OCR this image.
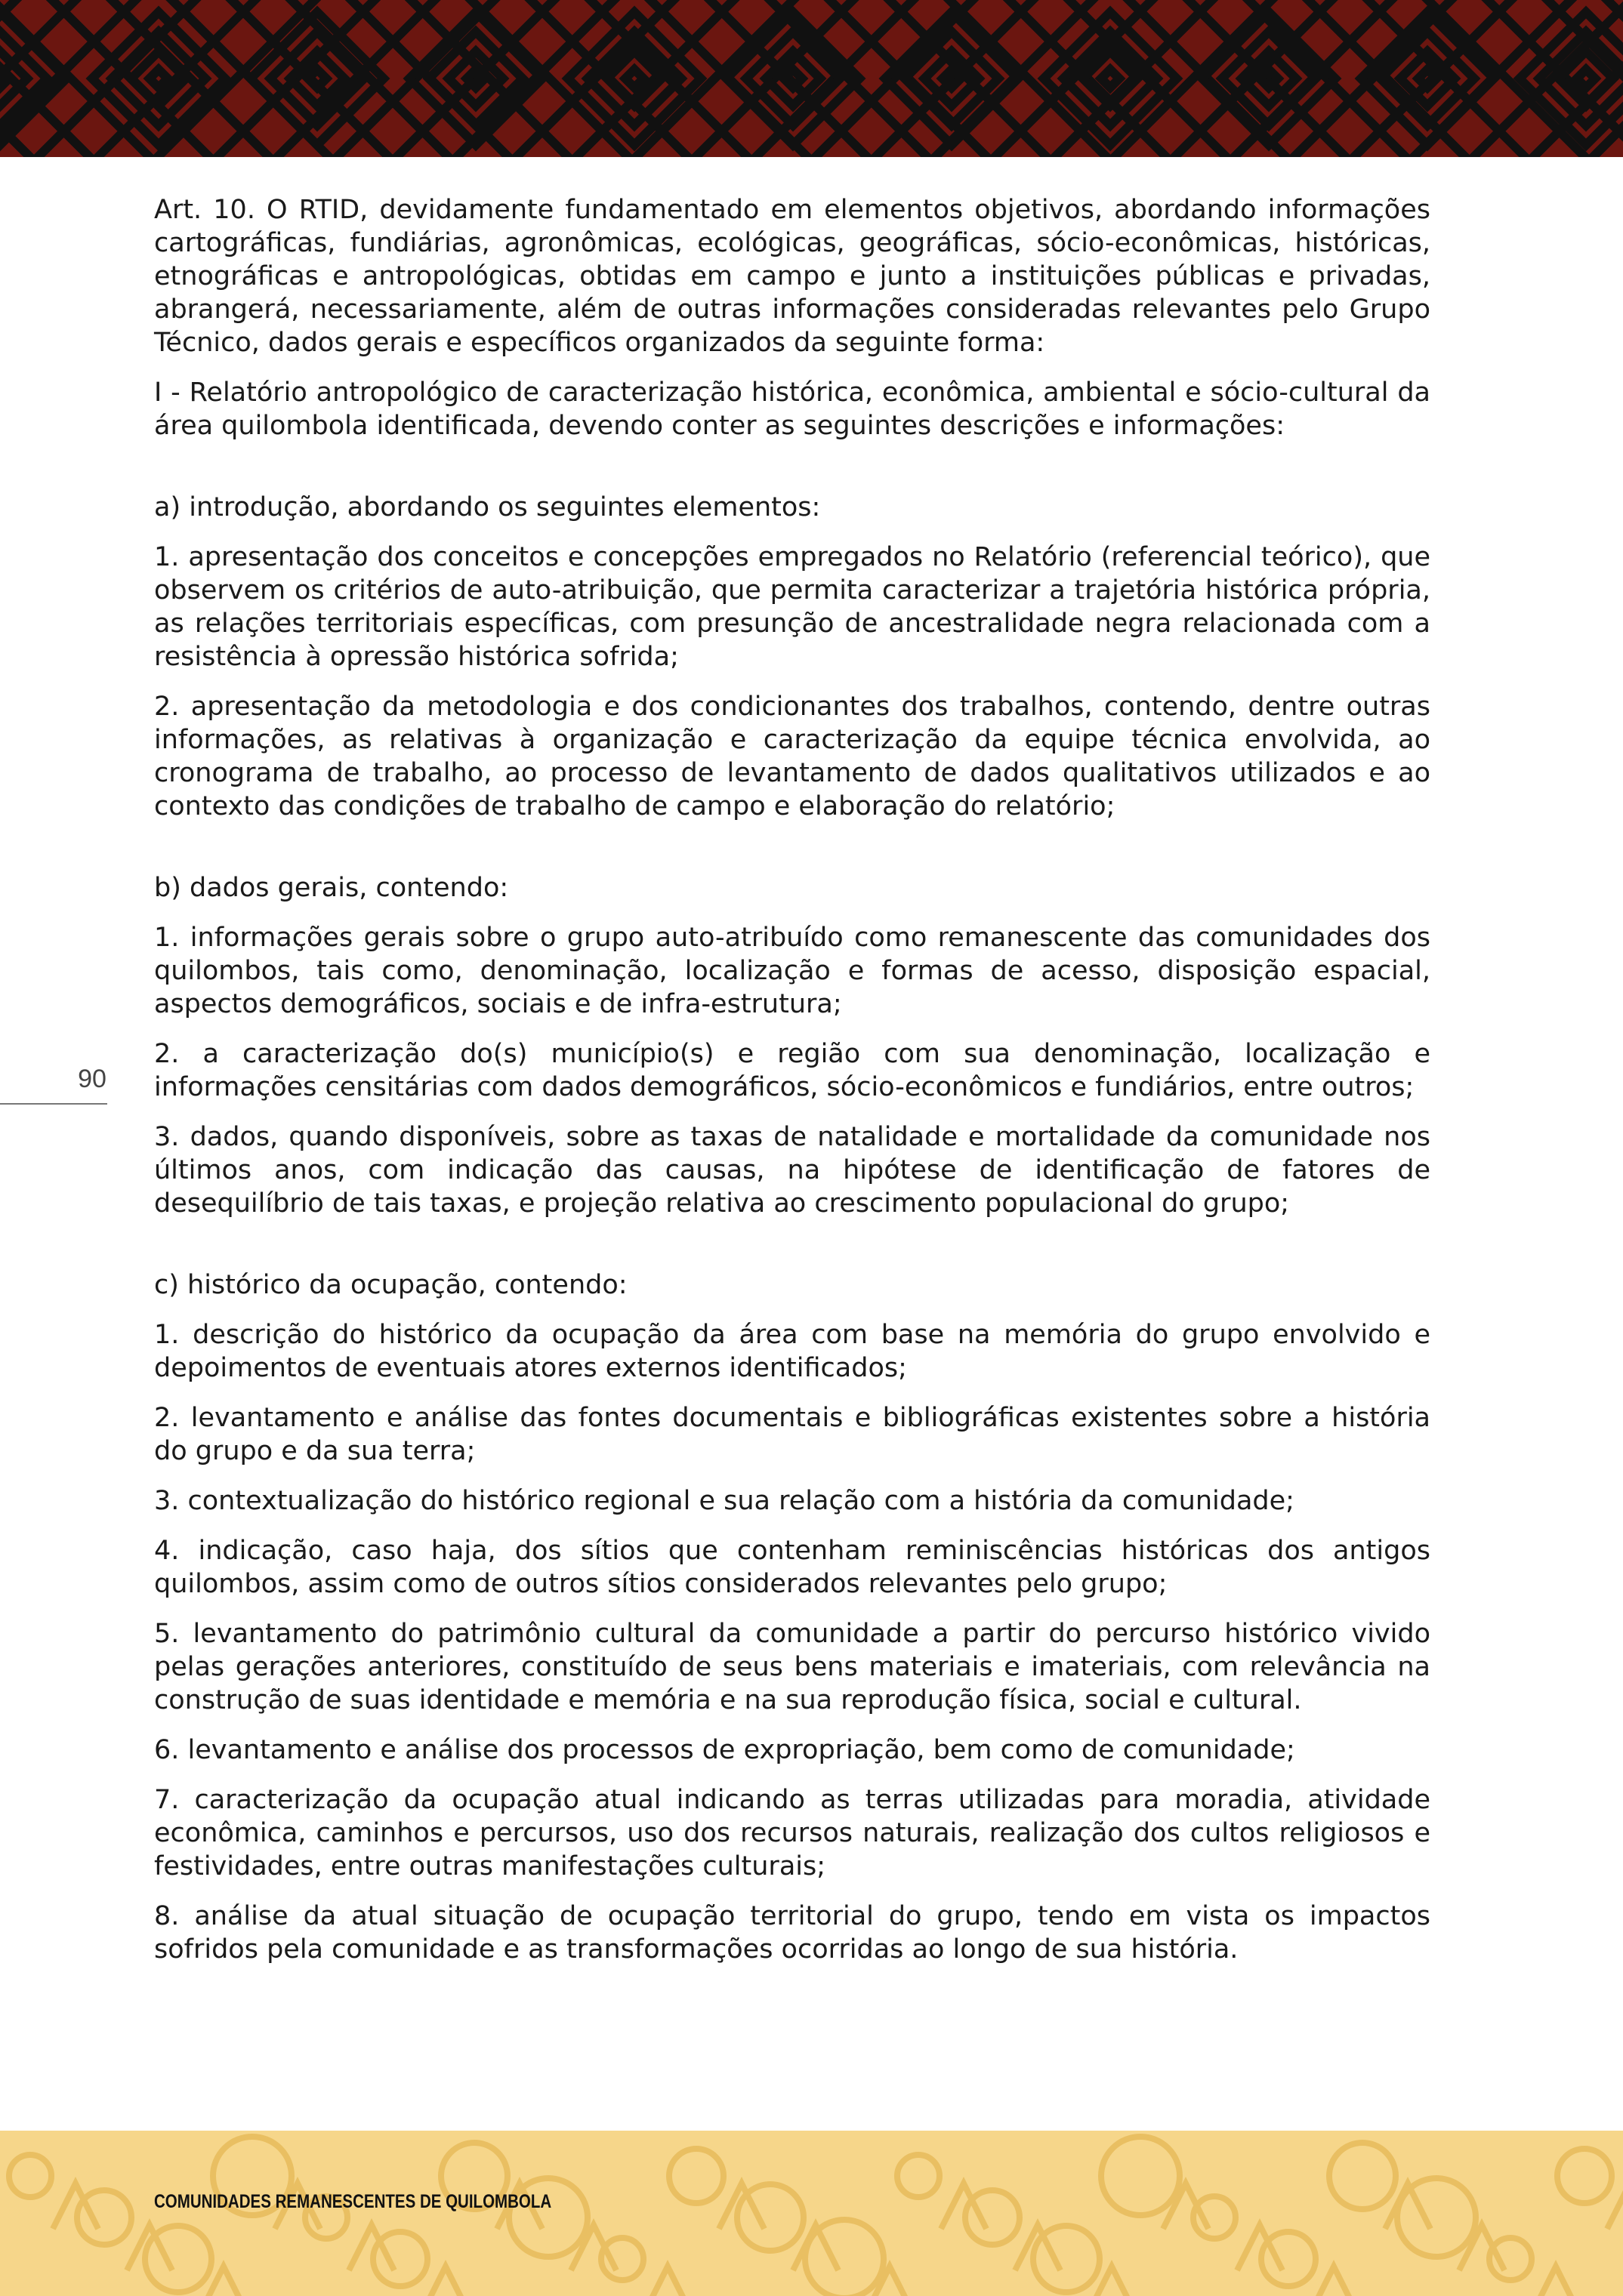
Art. 10. O RTID, devidamente fundamentado em elementos objetivos, abordando informações cartográficas, fundiárias, agronômicas, ecológicas, geográficas, sócio-econômicas, históricas, etnográficas e antropológicas, obtidas em campo e junto a instituições públicas e privadas, abrangerá, necessariamente, além de outras informações consideradas relevantes pelo Grupo Técnico, dados gerais e específicos organizados da seguinte forma:

I - Relatório antropológico de caracterização histórica, econômica, ambiental e sócio-cultural da área quilombola identificada, devendo conter as seguintes descrições e informações:

a) introdução, abordando os seguintes elementos:

1. apresentação dos conceitos e concepções empregados no Relatório (referencial teórico), que observem os critérios de auto-atribuição, que permita caracterizar a trajetória histórica própria, as relações territoriais específicas, com presunção de ancestralidade negra relacionada com a resistência à opressão histórica sofrida;

2. apresentação da metodologia e dos condicionantes dos trabalhos, contendo, dentre outras informações, as relativas à organização e caracterização da equipe técnica envolvida, ao cronograma de trabalho, ao processo de levantamento de dados qualitativos utilizados e ao contexto das condições de trabalho de campo e elaboração do relatório;

b) dados gerais, contendo:

1. informações gerais sobre o grupo auto-atribuído como remanescente das comunidades dos quilombos, tais como, denominação, localização e formas de acesso, disposição espacial, aspectos demográficos, sociais e de infra-estrutura;

2. a caracterização do(s) município(s) e região com sua denominação, localização e informações censitárias com dados demográficos, sócio-econômicos e fundiários, entre outros;

3. dados, quando disponíveis, sobre as taxas de natalidade e mortalidade da comunidade nos últimos anos, com indicação das causas, na hipótese de identificação de fatores de desequilíbrio de tais taxas, e projeção relativa ao crescimento populacional do grupo;

c) histórico da ocupação, contendo:

1. descrição do histórico da ocupação da área com base na memória do grupo envolvido e depoimentos de eventuais atores externos identificados;

2. levantamento e análise das fontes documentais e bibliográficas existentes sobre a história do grupo e da sua terra;

3. contextualização do histórico regional e sua relação com a história da comunidade;

4. indicação, caso haja, dos sítios que contenham reminiscências históricas dos antigos quilombos, assim como de outros sítios considerados relevantes pelo grupo;

5. levantamento do patrimônio cultural da comunidade a partir do percurso histórico vivido pelas gerações anteriores, constituído de seus bens materiais e imateriais, com relevância na construção de suas identidade e memória e na sua reprodução física, social e cultural.

6. levantamento e análise dos processos de expropriação, bem como de comunidade;

7. caracterização da ocupação atual indicando as terras utilizadas para moradia, atividade econômica, caminhos e percursos, uso dos recursos naturais, realização dos cultos religiosos e festividades, entre outras manifestações culturais;

8. análise da atual situação de ocupação territorial do grupo, tendo em vista os impactos sofridos pela comunidade e as transformações ocorridas ao longo de sua história.

90
COMUNIDADES REMANESCENTES DE QUILOMBOLA
